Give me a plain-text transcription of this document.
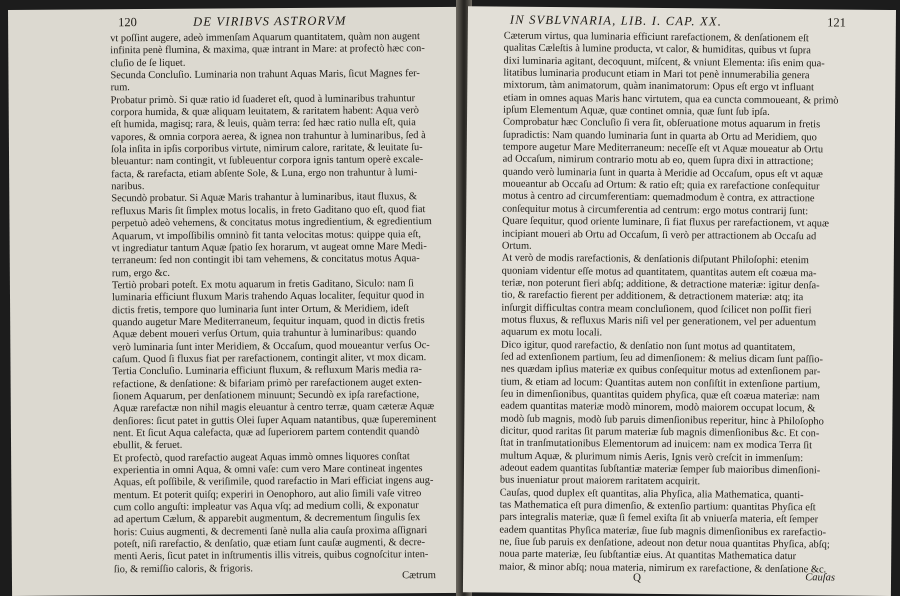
120	DE VIRIBVS ASTRORVM
vt poſſint augere, adeò immenſam Aquarum quantitatem, quàm non augent
infinita penè flumina, & maxima, quæ intrant in Mare: at profectò hæc con-
cluſio de ſe liquet.
Secunda Concluſio. Luminaria non trahunt Aquas Maris, ſicut Magnes fer-
rum.
Probatur primò. Si quæ ratio id ſuaderet eſt, quod à luminaribus trahuntur
corpora humida, & quæ aliquam leuitatem, & raritatem habent: Aqua verò
eſt humida, magisq; rara, & leuis, quàm terra: ſed hæc ratio nulla eſt, quia
vapores, & omnia corpora aerea, & ignea non trahuntur à luminaribus, ſed à
ſola inſita in ipſis corporibus virtute, nimirum calore, raritate, & leuitate ſu-
bleuantur: nam contingit, vt ſubleuentur corpora ignis tantum operè excale-
facta, & rarefacta, etiam abſente Sole, & Luna, ergo non trahuntur à lumi-
naribus.
Secundò probatur. Si Aquæ Maris trahantur à luminaribus, itaut fluxus, &
refluxus Maris ſit ſimplex motus localis, in freto Gaditano quo eſt, quod fiat
perpetuò adeò vehemens, & concitatus motus ingredientium, & egredientium
Aquarum, vt impoſſibilis omninò fit tanta velocitas motus: quippe quia eſt,
vt ingrediatur tantum Aquæ ſpatio ſex horarum, vt augeat omne Mare Medi-
terraneum: ſed non contingit ibi tam vehemens, & concitatus motus Aqua-
rum, ergo &c.
Tertiò probari poteſt. Ex motu aquarum in fretis Gaditano, Siculo: nam ſi
luminaria efficiunt fluxum Maris trahendo Aquas localiter, ſequitur quod in
dictis fretis, tempore quo luminaria ſunt inter Ortum, & Meridiem, ideſt
quando augetur Mare Mediterraneum, ſequitur inquam, quod in dictis fretis
Aquæ debent moueri verſus Ortum, quia trahuntur à luminaribus: quando
verò luminaria ſunt inter Meridiem, & Occaſum, quod moueantur verſus Oc-
caſum. Quod ſi fluxus fiat per rarefactionem, contingit aliter, vt mox dicam.
Tertia Concluſio. Luminaria efficiunt fluxum, & refluxum Maris media ra-
refactione, & denſatione: & bifariam primò per rarefactionem auget exten-
ſionem Aquarum, per denſationem minuunt; Secundò ex ipſa rarefactione,
Aquæ rarefactæ non nihil magis eleuantur à centro terræ, quam cæteræ Aquæ
denſiores: ſicut patet in guttis Olei ſuper Aquam natantibus, quæ ſupereminent
nent. Et ſicut Aqua calefacta, quæ ad ſuperiorem partem contendit quandò
ebullit, & feruet.
Et profectò, quod rarefactio augeat Aquas immò omnes liquores conſtat
experientia in omni Aqua, & omni vaſe: cum vero Mare contineat ingentes
Aquas, eſt poſſibile, & veriſimile, quod rarefactio in Mari efficiat ingens aug-
mentum. Et poterit quiſq; experiri in Oenophoro, aut alio ſimili vaſe vitreo
cum collo anguſti: impleatur vas Aqua vſq; ad medium colli, & exponatur
ad apertum Cælum, & apparebit augmentum, & decrementum ſingulis ſex
horis: Cuius augmenti, & decrementi ſanè nulla alia cauſa proxima aſſignari
poteſt, niſi rarefactio, & denſatio, quæ etiam ſunt cauſæ augmenti, & decre-
menti Aeris, ſicut patet in inſtrumentis illis vitreis, quibus cognoſcitur inten-
ſio, & remiſſio caloris, & frigoris.
Cætrum
IN SVBLVNARIA, LIB. I. CAP. XX.	121
Cæterum virtus, qua luminaria efficiunt rarefactionem, & denſationem eſt
qualitas Cæleſtis à lumine producta, vt calor, & humiditas, quibus vt ſupra
dixi luminaria agitant, decoquunt, miſcent, & vniunt Elementa: iſis enim qua-
litatibus luminaria producunt etiam in Mari tot penè innumerabilia genera
mixtorum, tàm animatorum, quàm inanimatorum: Opus eſt ergo vt influant
etiam in omnes aquas Maris hanc virtutem, qua ea cuncta commoueant, & primò
ipſum Elementum Aquæ, quæ continet omnia, quæ ſunt ſub ipſa.
Comprobatur hæc Concluſio ſi vera ſit, obſeruatione motus aquarum in fretis
ſupradictis: Nam quando luminaria ſunt in quarta ab Ortu ad Meridiem, quo
tempore augetur Mare Mediterraneum: neceſſe eſt vt Aquæ moueatur ab Ortu
ad Occaſum, nimirum contrario motu ab eo, quem ſupra dixi in attractione;
quando verò luminaria ſunt in quarta à Meridie ad Occaſum, opus eſt vt aquæ
moueantur ab Occaſu ad Ortum: & ratio eſt; quia ex rarefactione conſequitur
motus à centro ad circumferentiam: quemadmodum è contra, ex attractione
conſequitur motus à circumferentia ad centrum: ergo motus contrarij ſunt:
Quare ſequitur, quod oriente luminare, ſi fiat fluxus per rarefactionem, vt aquæ
incipiant moueri ab Ortu ad Occaſum, ſi verò per attractionem ab Occaſu ad
Ortum.
At verò de modis rarefactionis, & denſationis diſputant Philoſophi: etenim
quoniam videntur eſſe motus ad quantitatem, quantitas autem eſt coæua ma-
teriæ, non poterunt fieri abſq; additione, & detractione materiæ: igitur denſa-
tio, & rarefactio fierent per additionem, & detractionem materiæ: atq; ita
inſurgit difficultas contra meam concluſionem, quod ſcilicet non poſſit fieri
motus fluxus, & refluxus Maris niſi vel per generationem, vel per aduentum
aquarum ex motu locali.
Dico igitur, quod rarefactio, & denſatio non ſunt motus ad quantitatem,
ſed ad extenſionem partium, ſeu ad dimenſionem: & melius dicam ſunt paſſio-
nes quædam ipſius materiæ ex quibus conſequitur motus ad extenſionem par-
tium, & etiam ad locum: Quantitas autem non conſiſtit in extenſione partium,
ſeu in dimenſionibus, quantitas quidem phyſica, quæ eſt coæua materiæ: nam
eadem quantitas materiæ modò minorem, modò maiorem occupat locum, &
modò ſub magnis, modò ſub paruis dimenſionibus reperitur, hinc à Philoſopho
dicitur, quod raritas ſit parum materiæ ſub magnis dimenſionibus &c. Et con-
ſtat in tranſmutationibus Elementorum ad inuicem: nam ex modica Terra ſit
multum Aquæ, & plurimum nimis Aeris, Ignis verò creſcit in immenſum:
adeout eadem quantitas ſubſtantiæ materiæ ſemper ſub maioribus dimenſioni-
bus inueniatur prout maiorem raritatem acquirit.
Cauſas, quod duplex eſt quantitas, alia Phyſica, alia Mathematica, quanti-
tas Mathematica eſt pura dimenſio, & extenſio partium: quantitas Phyſica eſt
pars integralis materiæ, quæ ſi femel exiſta ſit ab vniuerſa materia, eſt ſemper
eadem quantitas Phyſica materiæ, ſiue ſub magnis dimenſionibus ex rarefactio-
ne, ſiue ſub paruis ex denſatione, adeout non detur noua quantitas Phyſica, abſq;
noua parte materiæ, ſeu ſubſtantiæ eius. At quantitas Mathematica datur
maior, & minor abſq; noua materia, nimirum ex rarefactione, & denſatione &c.
Q	Cauſas
